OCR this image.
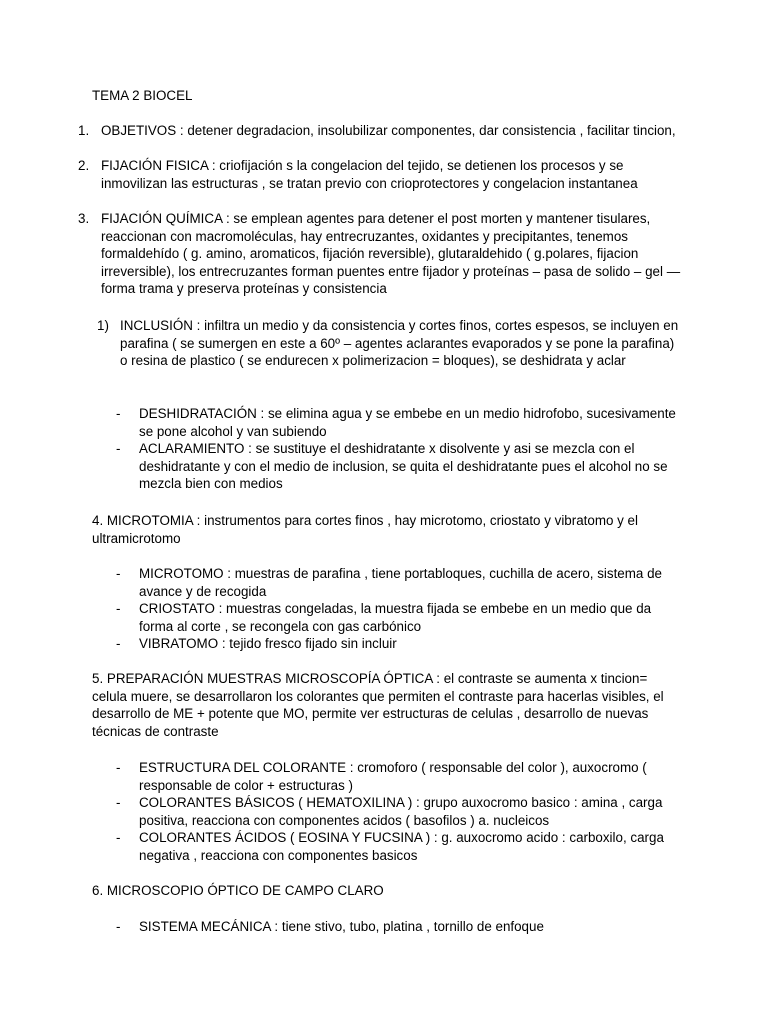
TEMA 2 BIOCEL
1. OBJETIVOS : detener degradacion, insolubilizar componentes, dar consistencia , facilitar tincion,
2. FIJACIÓN FISICA : criofijación s la congelacion del tejido, se detienen los procesos y se inmovilizan las estructuras , se tratan previo con crioprotectores y congelacion instantanea
3. FIJACIÓN QUÍMICA : se emplean agentes para detener el post morten y mantener tisulares, reaccionan con macromoléculas, hay entrecruzantes, oxidantes y precipitantes, tenemos formaldehído ( g. amino, aromaticos, fijación reversible), glutaraldehido ( g.polares, fijacion irreversible), los entrecruzantes forman puentes entre fijador y proteínas – pasa de solido – gel — forma trama y preserva proteínas y consistencia
1) INCLUSIÓN : infiltra un medio y da consistencia y cortes finos, cortes espesos, se incluyen en parafina ( se sumergen en este a 60º – agentes aclarantes evaporados y se pone la parafina) o resina de plastico ( se endurecen x polimerizacion = bloques), se deshidrata y aclar
- DESHIDRATACIÓN : se elimina agua y se embebe en un medio hidrofobo, sucesivamente se pone alcohol y van subiendo
- ACLARAMIENTO : se sustituye el deshidratante x disolvente y asi se mezcla con el deshidratante y con el medio de inclusion, se quita el deshidratante pues el alcohol no se mezcla bien con medios
4. MICROTOMIA : instrumentos para cortes finos , hay microtomo, criostato y vibratomo y el ultramicrotomo
- MICROTOMO : muestras de parafina , tiene portabloques, cuchilla de acero, sistema de avance y de recogida
- CRIOSTATO : muestras congeladas, la muestra fijada se embebe en un medio que da forma al corte , se recongela con gas carbónico
- VIBRATOMO : tejido fresco fijado sin incluir
5. PREPARACIÓN MUESTRAS MICROSCOPÍA ÓPTICA : el contraste se aumenta x tincion= celula muere, se desarrollaron los colorantes que permiten el contraste para hacerlas visibles, el desarrollo de ME + potente que MO, permite ver estructuras de celulas , desarrollo de nuevas técnicas de contraste
- ESTRUCTURA DEL COLORANTE : cromoforo ( responsable del color ), auxocromo ( responsable de color + estructuras )
- COLORANTES BÁSICOS ( HEMATOXILINA ) : grupo auxocromo basico : amina , carga positiva, reacciona con componentes acidos ( basofilos ) a. nucleicos
- COLORANTES ÁCIDOS ( EOSINA Y FUCSINA ) : g. auxocromo acido : carboxilo, carga negativa , reacciona con componentes basicos
6. MICROSCOPIO ÓPTICO DE CAMPO CLARO
- SISTEMA MECÁNICA : tiene stivo, tubo, platina , tornillo de enfoque
